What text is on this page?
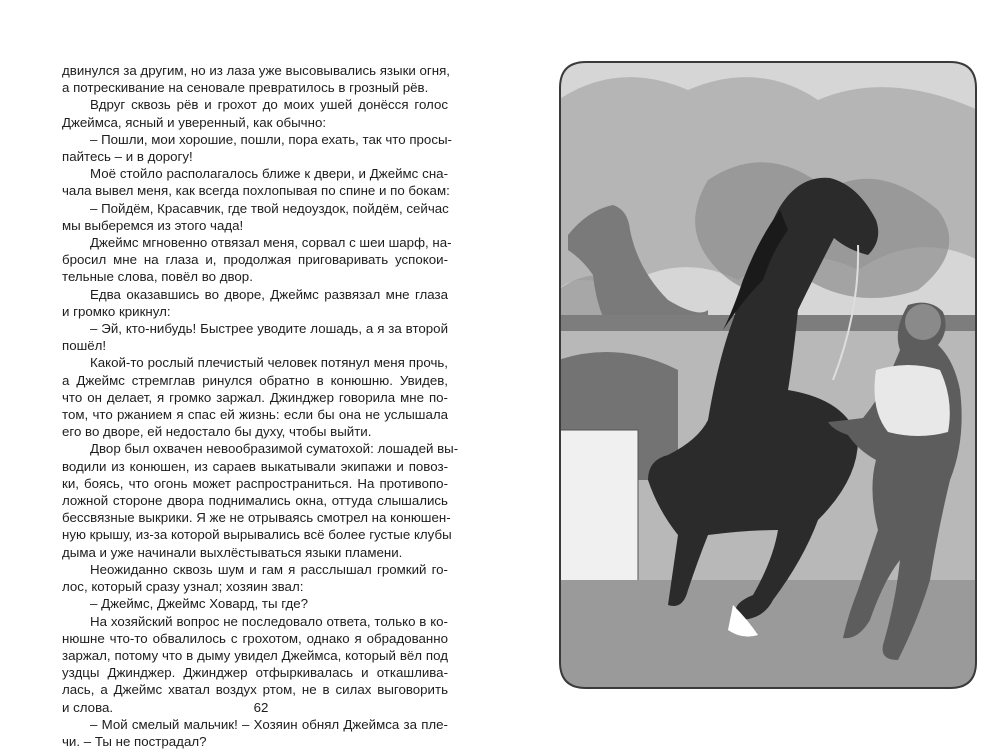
двинулся за другим, но из лаза уже высовывались языки огня,
а потрескивание на сеновале превратилось в грозный рёв.
Вдруг сквозь рёв и грохот до моих ушей донёсся голос
Джеймса, ясный и уверенный, как обычно:
– Пошли, мои хорошие, пошли, пора ехать, так что просы-
пайтесь – и в дорогу!
Моё стойло располагалось ближе к двери, и Джеймс сна-
чала вывел меня, как всегда похлопывая по спине и по бокам:
– Пойдём, Красавчик, где твой недоуздок, пойдём, сейчас
мы выберемся из этого чада!
Джеймс мгновенно отвязал меня, сорвал с шеи шарф, на-
бросил мне на глаза и, продолжая приговаривать успокои-
тельные слова, повёл во двор.
Едва оказавшись во дворе, Джеймс развязал мне глаза
и громко крикнул:
– Эй, кто-нибудь! Быстрее уводите лошадь, а я за второй
пошёл!
Какой-то рослый плечистый человек потянул меня прочь,
а Джеймс стремглав ринулся обратно в конюшню. Увидев,
что он делает, я громко заржал. Джинджер говорила мне по-
том, что ржанием я спас ей жизнь: если бы она не услышала
его во дворе, ей недостало бы духу, чтобы выйти.
Двор был охвачен невообразимой суматохой: лошадей вы-
водили из конюшен, из сараев выкатывали экипажи и повоз-
ки, боясь, что огонь может распространиться. На противопо-
ложной стороне двора поднимались окна, оттуда слышались
бессвязные выкрики. Я же не отрываясь смотрел на конюшен-
ную крышу, из-за которой вырывались всё более густые клубы
дыма и уже начинали выхлёстываться языки пламени.
Неожиданно сквозь шум и гам я расслышал громкий го-
лос, который сразу узнал; хозяин звал:
– Джеймс, Джеймс Ховард, ты где?
На хозяйский вопрос не последовало ответа, только в ко-
нюшне что-то обвалилось с грохотом, однако я обрадованно
заржал, потому что в дыму увидел Джеймса, который вёл под
уздцы Джинджер. Джинджер отфыркивалась и откашлива-
лась, а Джеймс хватал воздух ртом, не в силах выговорить
и слова.
– Мой смелый мальчик! – Хозяин обнял Джеймса за пле-
чи. – Ты не пострадал?
62
